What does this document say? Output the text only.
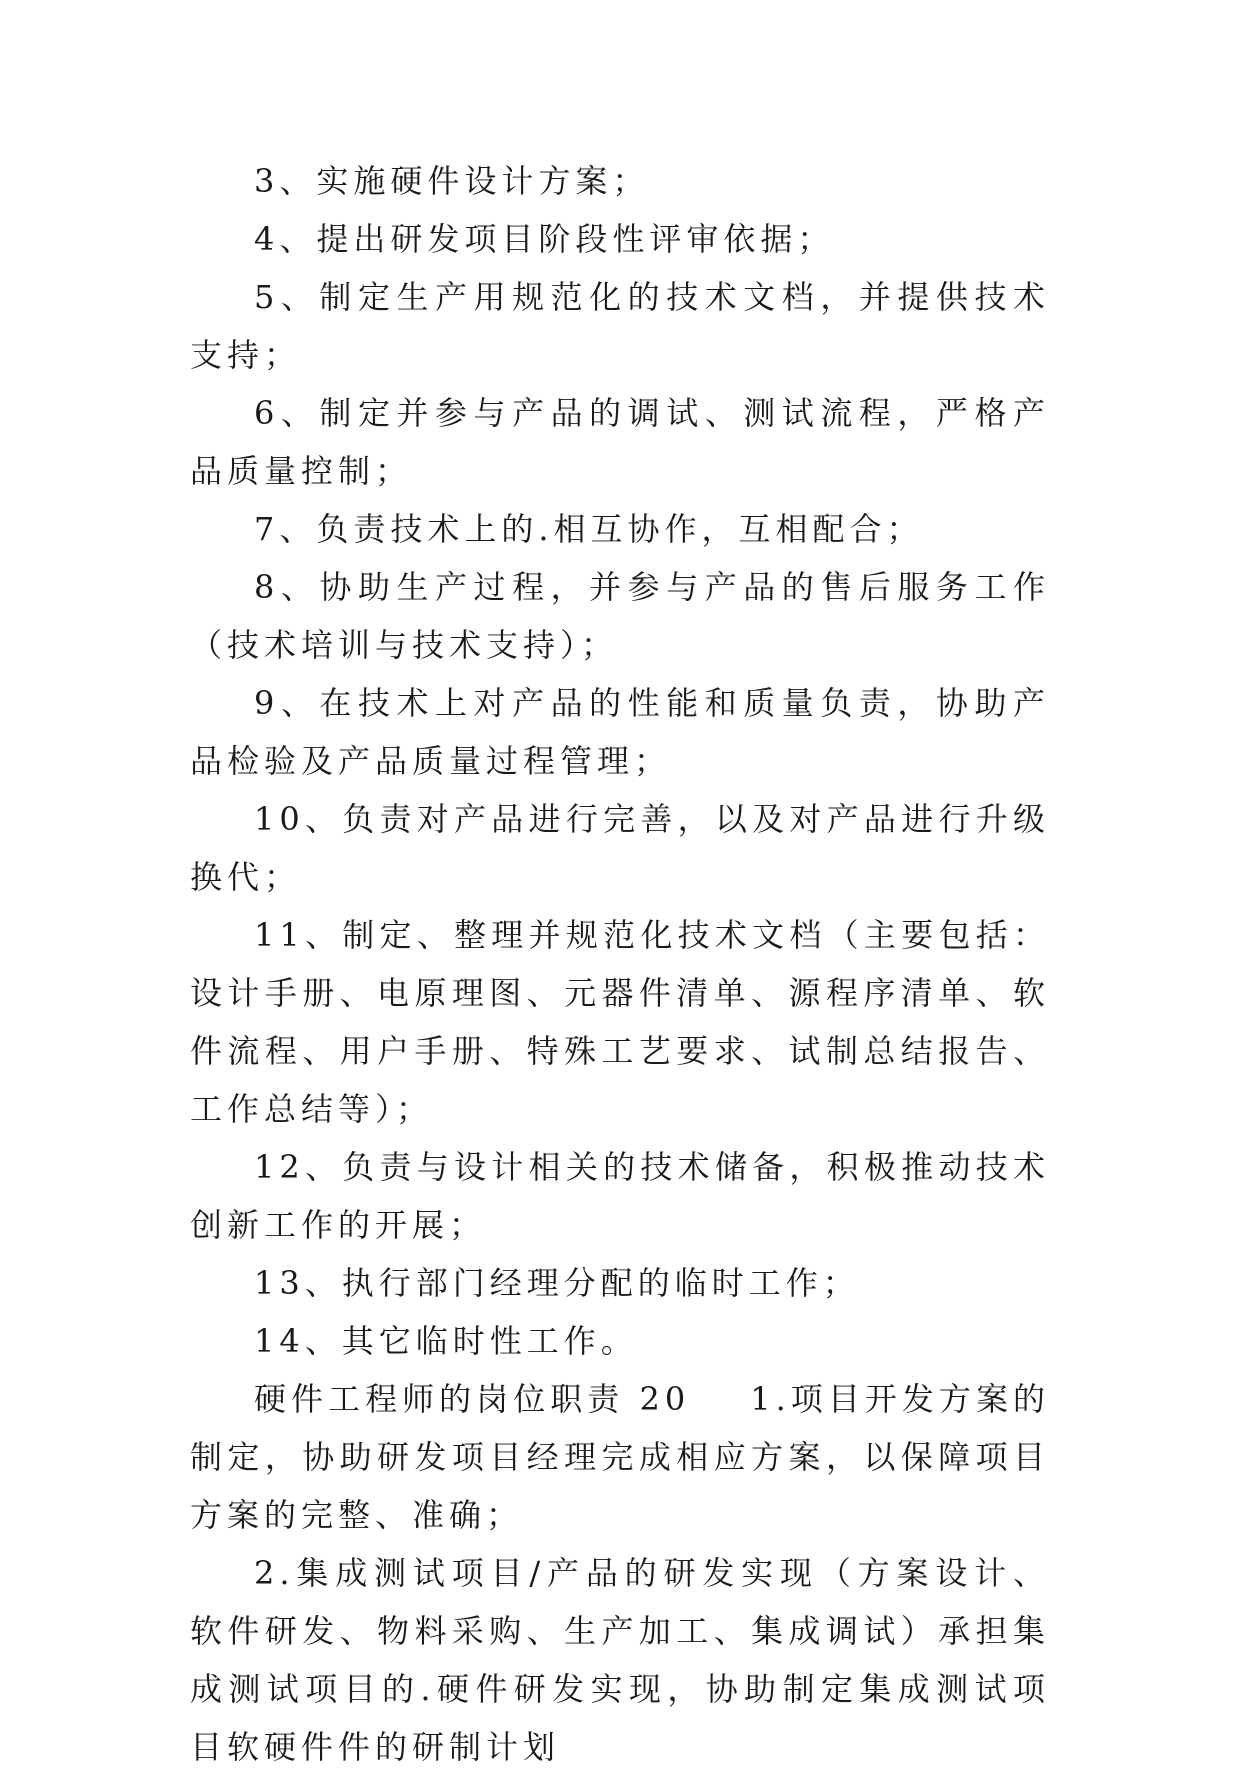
3、实施硬件设计方案；

4、提出研发项目阶段性评审依据；

5、制定生产用规范化的技术文档，并提供技术支持；

6、制定并参与产品的调试、测试流程，严格产品质量控制；

7、负责技术上的.相互协作，互相配合；

8、协助生产过程，并参与产品的售后服务工作（技术培训与技术支持）；

9、在技术上对产品的性能和质量负责，协助产品检验及产品质量过程管理；

10、负责对产品进行完善，以及对产品进行升级换代；

11、制定、整理并规范化技术文档（主要包括：设计手册、电原理图、元器件清单、源程序清单、软件流程、用户手册、特殊工艺要求、试制总结报告、工作总结等）；

12、负责与设计相关的技术储备，积极推动技术创新工作的开展；

13、执行部门经理分配的临时工作；

14、其它临时性工作。

硬件工程师的岗位职责 20 1.项目开发方案的制定，协助研发项目经理完成相应方案，以保障项目方案的完整、准确；

2.集成测试项目/产品的研发实现（方案设计、软件研发、物料采购、生产加工、集成调试）承担集成测试项目的.硬件研发实现，协助制定集成测试项目软硬件件的研制计划
